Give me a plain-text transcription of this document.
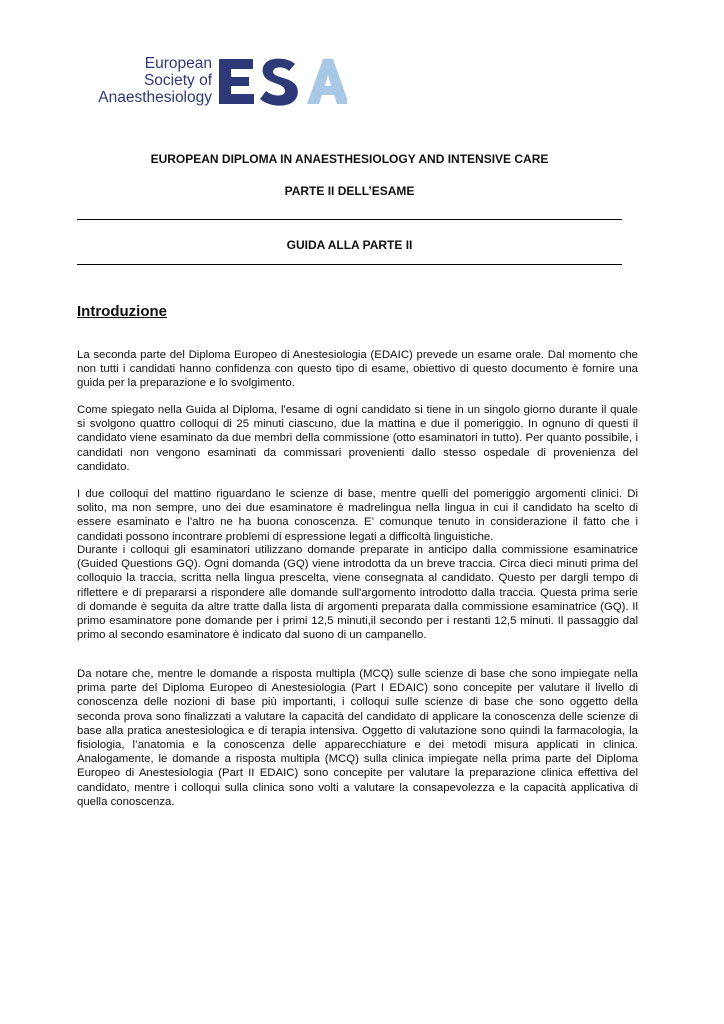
European
Society of
Anaesthesiology
EUROPEAN DIPLOMA IN ANAESTHESIOLOGY AND INTENSIVE CARE
PARTE II DELL’ESAME
GUIDA ALLA PARTE II
Introduzione

La seconda parte del Diploma Europeo di Anestesiologia (EDAIC) prevede un esame orale. Dal momento che non tutti i candidati hanno confidenza con questo tipo di esame, obiettivo di questo documento è fornire una guida per la preparazione e lo svolgimento.

Come spiegato nella Guida al Diploma, l'esame di ogni candidato si tiene in un singolo giorno durante il quale si svolgono quattro colloqui di 25 minuti ciascuno, due la mattina e due il pomeriggio. In ognuno di questi il candidato viene esaminato da due membri della commissione (otto esaminatori in tutto). Per quanto possibile, i candidati non vengono esaminati da commissari provenienti dallo stesso ospedale di provenienza del candidato.

I due colloqui del mattino riguardano le scienze di base, mentre quelli del pomeriggio argomenti clinici. Di solito, ma non sempre, uno dei due esaminatore è madrelingua nella lingua in cui il candidato ha scelto di essere esaminato e l’altro ne ha buona conoscenza. E’ comunque tenuto in considerazione il fatto che i candidati possono incontrare problemi di espressione legati a difficoltà linguistiche.

Durante i colloqui gli esaminatori utilizzano domande preparate in anticipo dalla commissione esaminatrice (Guided Questions GQ). Ogni domanda (GQ) viene introdotta da un breve traccia. Circa dieci minuti prima del colloquio la traccia, scritta nella lingua prescelta, viene consegnata al candidato. Questo per dargli tempo di riflettere e di prepararsi a rispondere alle domande sull'argomento introdotto dalla traccia. Questa prima serie di domande è seguita da altre tratte dalla lista di argomenti preparata dalla commissione esaminatrice (GQ). Il primo esaminatore pone domande per i primi 12,5 minuti,il secondo per i restanti 12,5 minuti. Il passaggio dal primo al secondo esaminatore è indicato dal suono di un campanello.

Da notare che, mentre le domande a risposta multipla (MCQ) sulle scienze di base che sono impiegate nella prima parte del Diploma Europeo di Anestesiologia (Part I EDAIC) sono concepite per valutare il livello di conoscenza delle nozioni di base più importanti, i colloqui sulle scienze di base che sono oggetto della seconda prova sono finalizzati a valutare la capacità del candidato di applicare la conoscenza delle scienze di base alla pratica anestesiologica e di terapia intensiva. Oggetto di valutazione sono quindi la farmacologia, la fisiologia, l’anatomia e la conoscenza delle apparecchiature e dei metodi misura applicati in clinica. Analogamente, le domande a risposta multipla (MCQ) sulla clinica impiegate nella prima parte del Diploma Europeo di Anestesiologia (Part II EDAIC) sono concepite per valutare la preparazione clinica effettiva del candidato, mentre i colloqui sulla clinica sono volti a valutare la consapevolezza e la capacità applicativa di quella conoscenza.
